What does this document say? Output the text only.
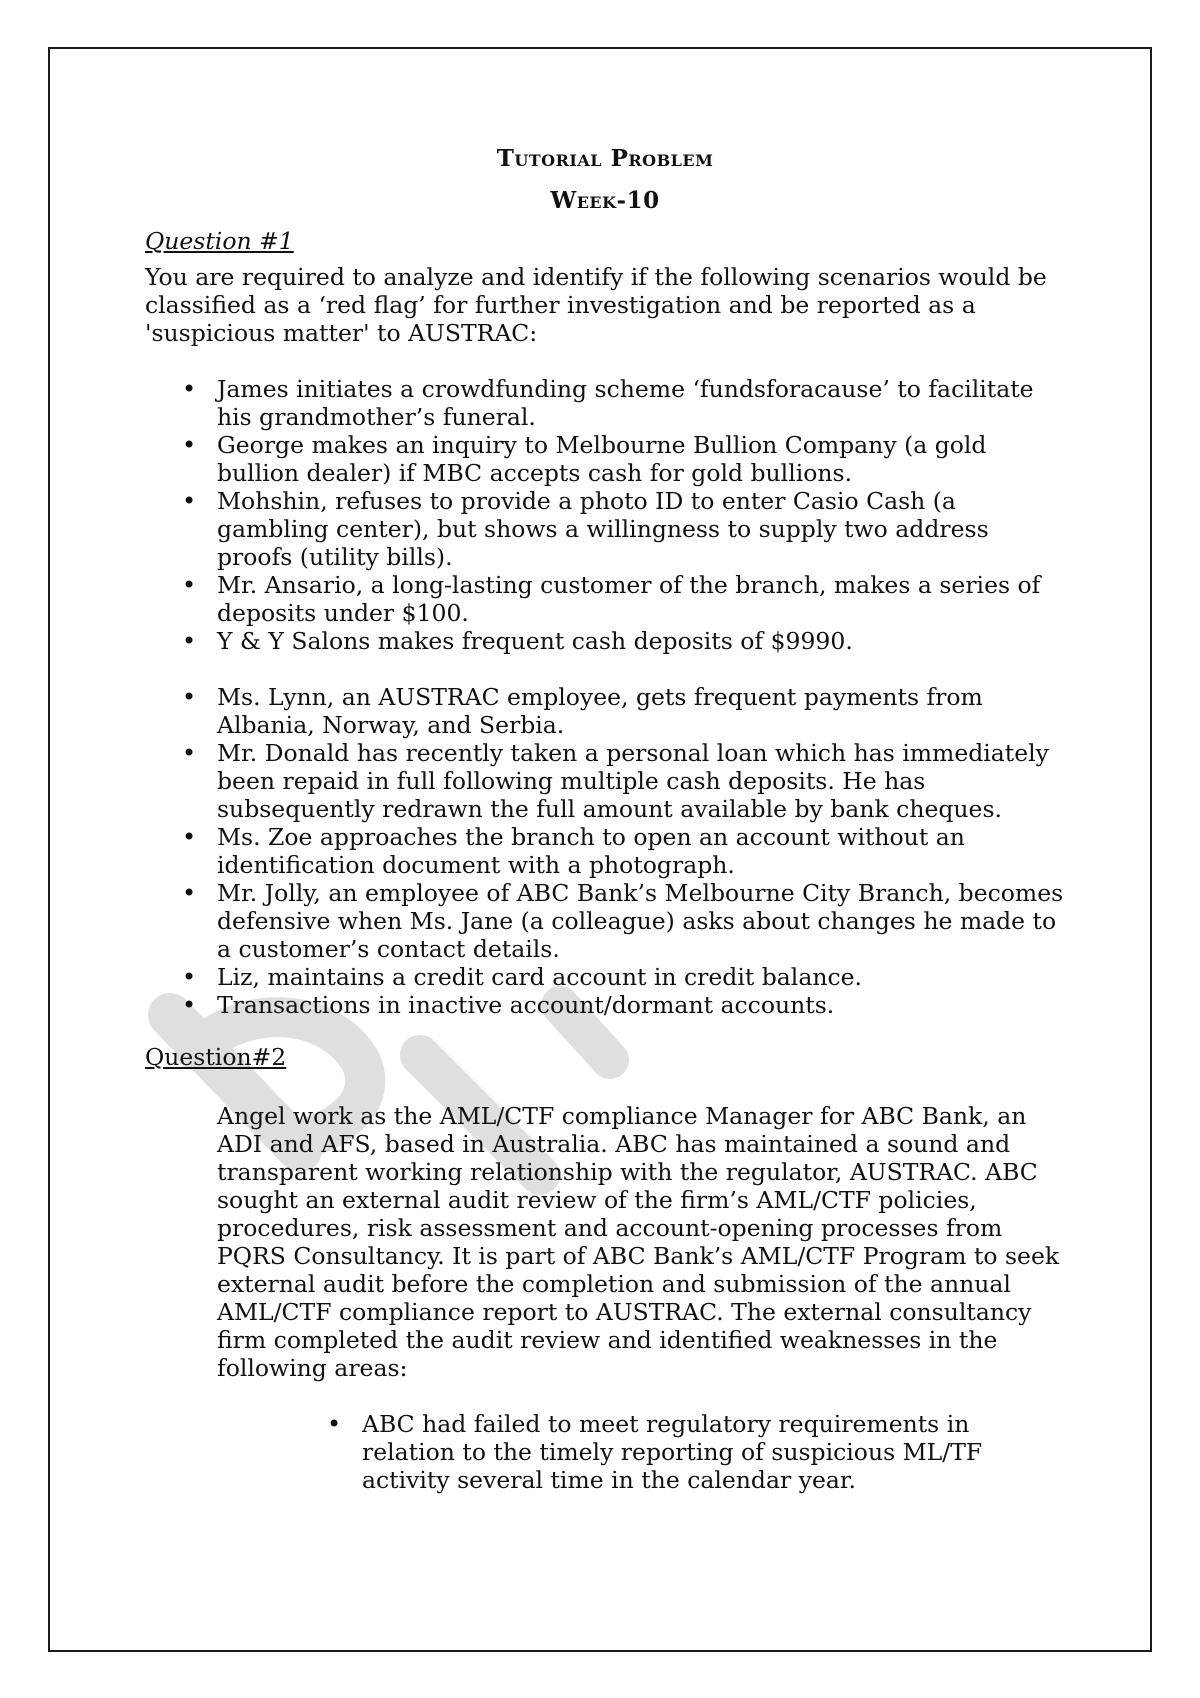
Tutorial Problem

Week-10

Question #1

You are required to analyze and identify if the following scenarios would be classified as a ‘red flag’ for further investigation and be reported as a 'suspicious matter' to AUSTRAC:

• James initiates a crowdfunding scheme ‘fundsforacause’ to facilitate his grandmother’s funeral.
• George makes an inquiry to Melbourne Bullion Company (a gold bullion dealer) if MBC accepts cash for gold bullions.
• Mohshin, refuses to provide a photo ID to enter Casio Cash (a gambling center), but shows a willingness to supply two address proofs (utility bills).
• Mr. Ansario, a long-lasting customer of the branch, makes a series of deposits under $100.
• Y & Y Salons makes frequent cash deposits of $9990.
• Ms. Lynn, an AUSTRAC employee, gets frequent payments from Albania, Norway, and Serbia.
• Mr. Donald has recently taken a personal loan which has immediately been repaid in full following multiple cash deposits. He has subsequently redrawn the full amount available by bank cheques.
• Ms. Zoe approaches the branch to open an account without an identification document with a photograph.
• Mr. Jolly, an employee of ABC Bank’s Melbourne City Branch, becomes defensive when Ms. Jane (a colleague) asks about changes he made to a customer’s contact details.
• Liz, maintains a credit card account in credit balance.
• Transactions in inactive account/dormant accounts.
Question#2

Angel work as the AML/CTF compliance Manager for ABC Bank, an ADI and AFS, based in Australia. ABC has maintained a sound and transparent working relationship with the regulator, AUSTRAC. ABC sought an external audit review of the firm’s AML/CTF policies, procedures, risk assessment and account-opening processes from PQRS Consultancy. It is part of ABC Bank’s AML/CTF Program to seek external audit before the completion and submission of the annual AML/CTF compliance report to AUSTRAC. The external consultancy firm completed the audit review and identified weaknesses in the following areas:

• ABC had failed to meet regulatory requirements in relation to the timely reporting of suspicious ML/TF activity several time in the calendar year.
